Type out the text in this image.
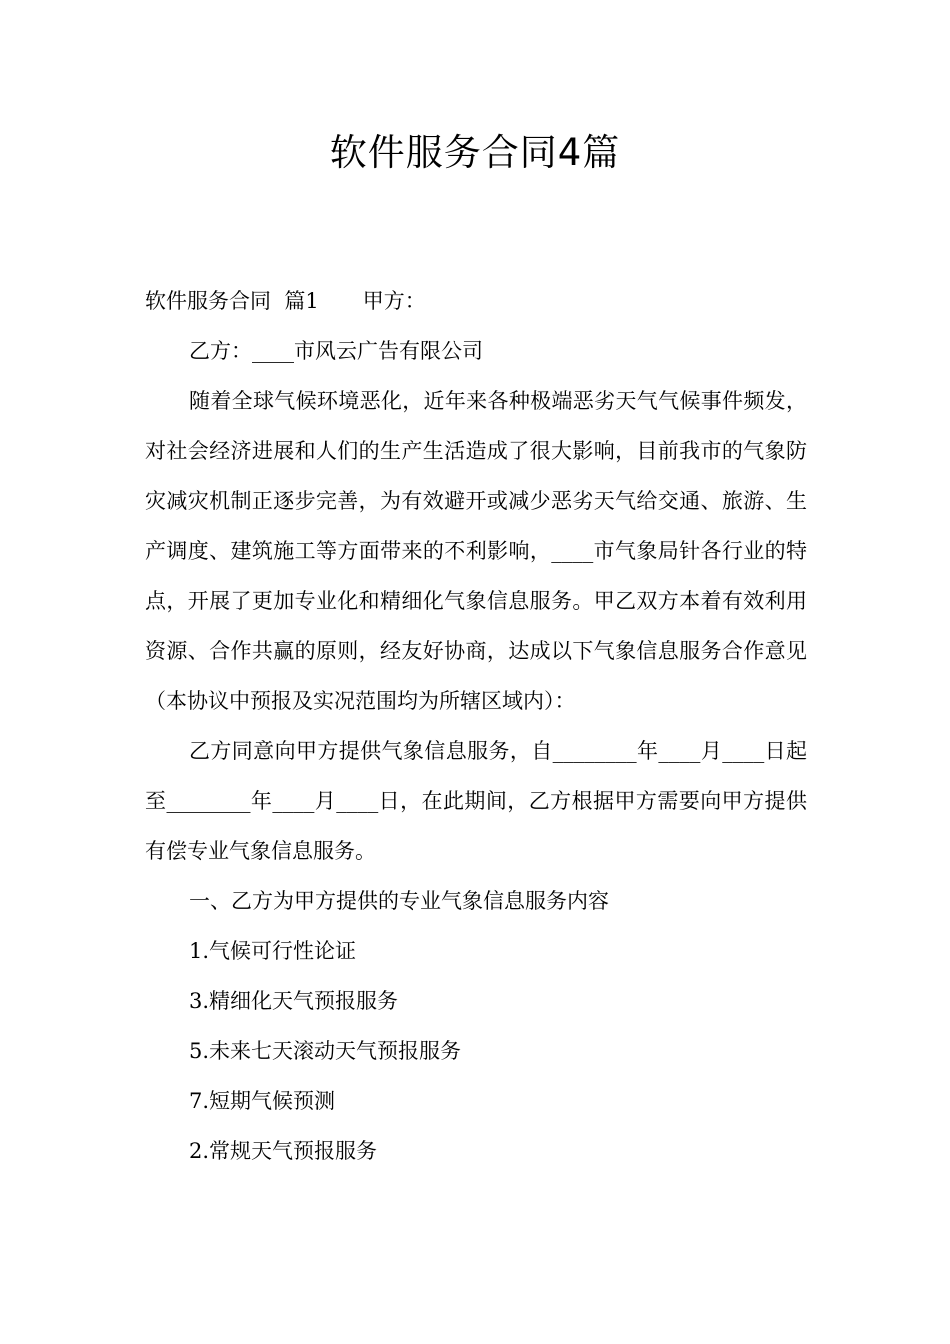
软件服务合同4篇

软件服务合同  篇1 甲方：

乙方：____市风云广告有限公司

随着全球气候环境恶化，近年来各种极端恶劣天气气候事件频发，对社会经济进展和人们的生产生活造成了很大影响，目前我市的气象防灾减灾机制正逐步完善，为有效避开或减少恶劣天气给交通、旅游、生产调度、建筑施工等方面带来的不利影响，____市气象局针各行业的特点，开展了更加专业化和精细化气象信息服务。甲乙双方本着有效利用资源、合作共赢的原则，经友好协商，达成以下气象信息服务合作意见（本协议中预报及实况范围均为所辖区域内）：

乙方同意向甲方提供气象信息服务，自________年____月____日起至________年____月____日，在此期间，乙方根据甲方需要向甲方提供有偿专业气象信息服务。

一、乙方为甲方提供的专业气象信息服务内容

1.气候可行性论证

3.精细化天气预报服务

5.未来七天滚动天气预报服务

7.短期气候预测

2.常规天气预报服务
